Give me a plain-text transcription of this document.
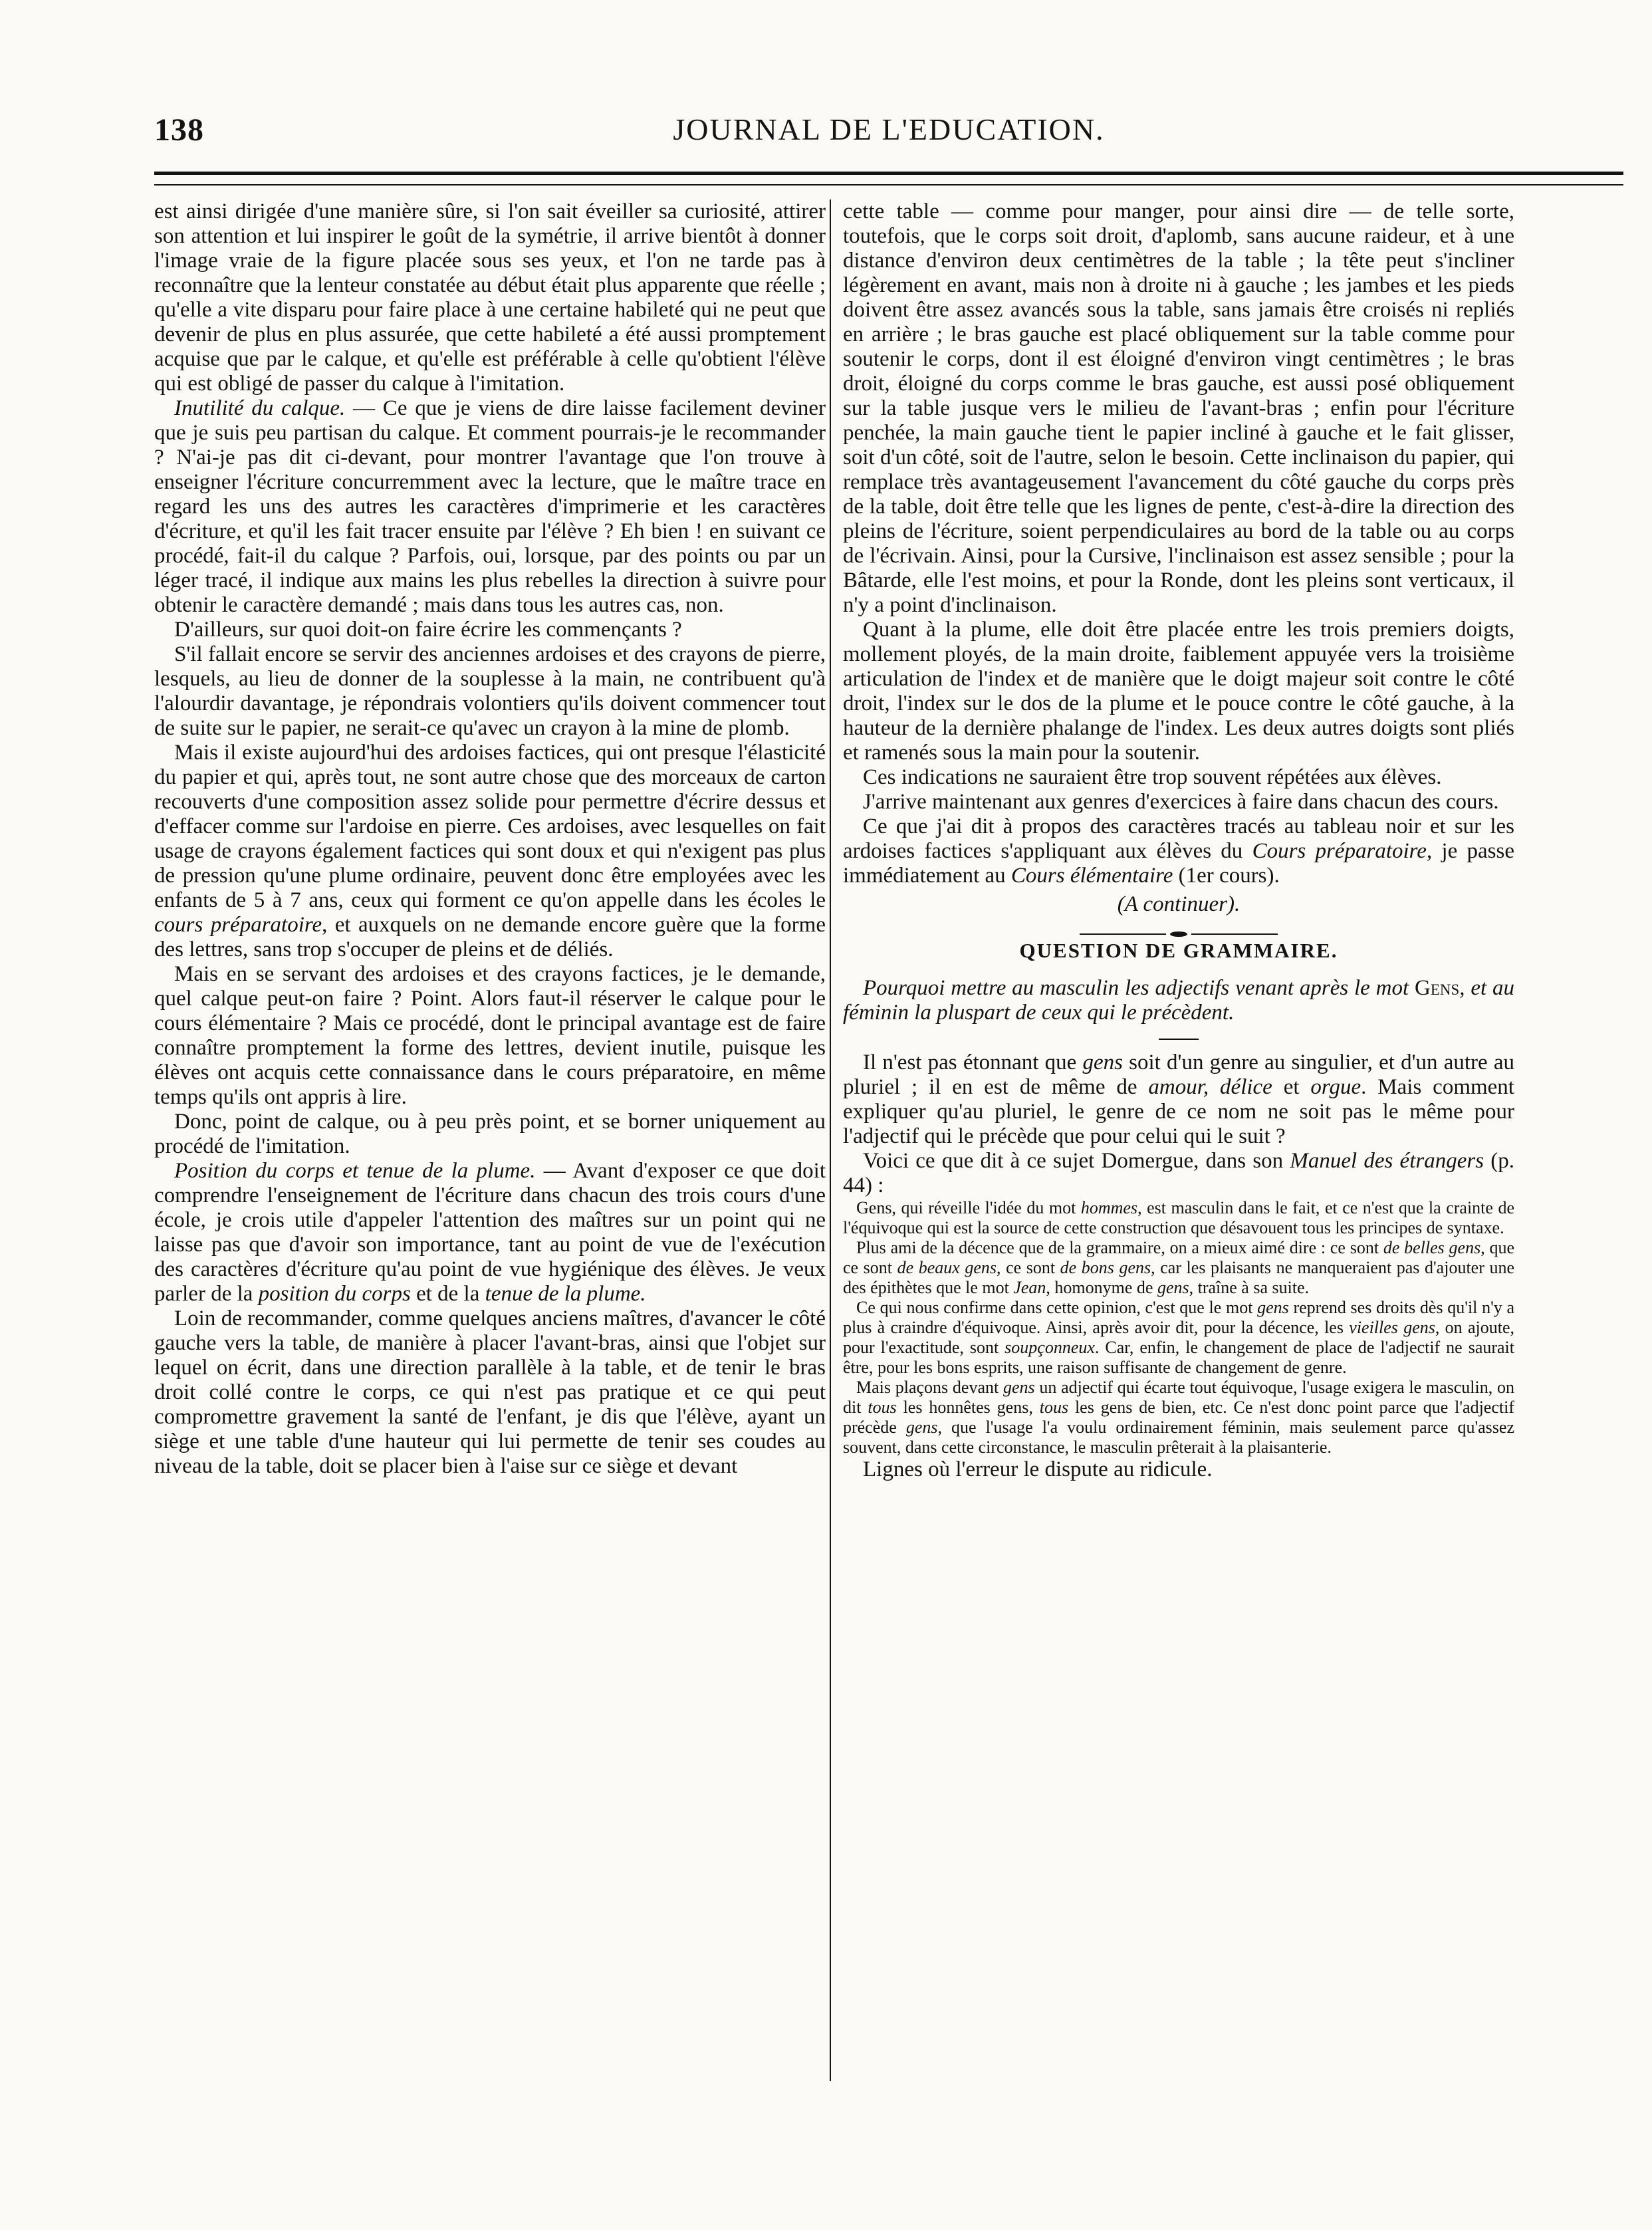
138	JOURNAL DE L'EDUCATION.

est ainsi dirigée d'une manière sûre, si l'on sait éveiller sa curiosité, attirer son attention et lui inspirer le goût de la symétrie, il arrive bientôt à donner l'image vraie de la figure placée sous ses yeux, et l'on ne tarde pas à reconnaître que la lenteur constatée au début était plus apparente que réelle ; qu'elle a vite disparu pour faire place à une certaine habileté qui ne peut que devenir de plus en plus assurée, que cette habileté a été aussi promptement acquise que par le calque, et qu'elle est préférable à celle qu'obtient l'élève qui est obligé de passer du calque à l'imitation.

Inutilité du calque. — Ce que je viens de dire laisse facilement deviner que je suis peu partisan du calque. Et comment pourrais-je le recommander ? N'ai-je pas dit ci-devant, pour montrer l'avantage que l'on trouve à enseigner l'écriture concurremment avec la lecture, que le maître trace en regard les uns des autres les caractères d'imprimerie et les caractères d'écriture, et qu'il les fait tracer ensuite par l'élève ? Eh bien ! en suivant ce procédé, fait-il du calque ? Parfois, oui, lorsque, par des points ou par un léger tracé, il indique aux mains les plus rebelles la direction à suivre pour obtenir le caractère demandé ; mais dans tous les autres cas, non.

D'ailleurs, sur quoi doit-on faire écrire les commençants ?

S'il fallait encore se servir des anciennes ardoises et des crayons de pierre, lesquels, au lieu de donner de la souplesse à la main, ne contribuent qu'à l'alourdir davantage, je répondrais volontiers qu'ils doivent commencer tout de suite sur le papier, ne serait-ce qu'avec un crayon à la mine de plomb.

Mais il existe aujourd'hui des ardoises factices, qui ont presque l'élasticité du papier et qui, après tout, ne sont autre chose que des morceaux de carton recouverts d'une composition assez solide pour permettre d'écrire dessus et d'effacer comme sur l'ardoise en pierre. Ces ardoises, avec lesquelles on fait usage de crayons également factices qui sont doux et qui n'exigent pas plus de pression qu'une plume ordinaire, peuvent donc être employées avec les enfants de 5 à 7 ans, ceux qui forment ce qu'on appelle dans les écoles le cours préparatoire, et auxquels on ne demande encore guère que la forme des lettres, sans trop s'occuper de pleins et de déliés.

Mais en se servant des ardoises et des crayons factices, je le demande, quel calque peut-on faire ? Point. Alors faut-il réserver le calque pour le cours élémentaire ? Mais ce procédé, dont le principal avantage est de faire connaître promptement la forme des lettres, devient inutile, puisque les élèves ont acquis cette connaissance dans le cours préparatoire, en même temps qu'ils ont appris à lire.

Donc, point de calque, ou à peu près point, et se borner uniquement au procédé de l'imitation.

Position du corps et tenue de la plume. — Avant d'exposer ce que doit comprendre l'enseignement de l'écriture dans chacun des trois cours d'une école, je crois utile d'appeler l'attention des maîtres sur un point qui ne laisse pas que d'avoir son importance, tant au point de vue de l'exécution des caractères d'écriture qu'au point de vue hygiénique des élèves. Je veux parler de la position du corps et de la tenue de la plume.

Loin de recommander, comme quelques anciens maîtres, d'avancer le côté gauche vers la table, de manière à placer l'avant-bras, ainsi que l'objet sur lequel on écrit, dans une direction parallèle à la table, et de tenir le bras droit collé contre le corps, ce qui n'est pas pratique et ce qui peut compromettre gravement la santé de l'enfant, je dis que l'élève, ayant un siège et une table d'une hauteur qui lui permette de tenir ses coudes au niveau de la table, doit se placer bien à l'aise sur ce siège et devant

cette table — comme pour manger, pour ainsi dire — de telle sorte, toutefois, que le corps soit droit, d'aplomb, sans aucune raideur, et à une distance d'environ deux centimètres de la table ; la tête peut s'incliner légèrement en avant, mais non à droite ni à gauche ; les jambes et les pieds doivent être assez avancés sous la table, sans jamais être croisés ni repliés en arrière ; le bras gauche est placé obliquement sur la table comme pour soutenir le corps, dont il est éloigné d'environ vingt centimètres ; le bras droit, éloigné du corps comme le bras gauche, est aussi posé obliquement sur la table jusque vers le milieu de l'avant-bras ; enfin pour l'écriture penchée, la main gauche tient le papier incliné à gauche et le fait glisser, soit d'un côté, soit de l'autre, selon le besoin. Cette inclinaison du papier, qui remplace très avantageusement l'avancement du côté gauche du corps près de la table, doit être telle que les lignes de pente, c'est-à-dire la direction des pleins de l'écriture, soient perpendiculaires au bord de la table ou au corps de l'écrivain. Ainsi, pour la Cursive, l'inclinaison est assez sensible ; pour la Bâtarde, elle l'est moins, et pour la Ronde, dont les pleins sont verticaux, il n'y a point d'inclinaison.

Quant à la plume, elle doit être placée entre les trois premiers doigts, mollement ployés, de la main droite, faiblement appuyée vers la troisième articulation de l'index et de manière que le doigt majeur soit contre le côté droit, l'index sur le dos de la plume et le pouce contre le côté gauche, à la hauteur de la dernière phalange de l'index. Les deux autres doigts sont pliés et ramenés sous la main pour la soutenir.

Ces indications ne sauraient être trop souvent répétées aux élèves.

J'arrive maintenant aux genres d'exercices à faire dans chacun des cours.

Ce que j'ai dit à propos des caractères tracés au tableau noir et sur les ardoises factices s'appliquant aux élèves du Cours préparatoire, je passe immédiatement au Cours élémentaire (1er cours).

(A continuer).

QUESTION DE GRAMMAIRE.

Pourquoi mettre au masculin les adjectifs venant après le mot Gens, et au féminin la pluspart de ceux qui le précèdent.

Il n'est pas étonnant que gens soit d'un genre au singulier, et d'un autre au pluriel ; il en est de même de amour, délice et orgue. Mais comment expliquer qu'au pluriel, le genre de ce nom ne soit pas le même pour l'adjectif qui le précède que pour celui qui le suit ?

Voici ce que dit à ce sujet Domergue, dans son Manuel des étrangers (p. 44) :

Gens, qui réveille l'idée du mot hommes, est masculin dans le fait, et ce n'est que la crainte de l'équivoque qui est la source de cette construction que désavouent tous les principes de syntaxe.

Plus ami de la décence que de la grammaire, on a mieux aimé dire : ce sont de belles gens, que ce sont de beaux gens, ce sont de bons gens, car les plaisants ne manqueraient pas d'ajouter une des épithètes que le mot Jean, homonyme de gens, traîne à sa suite.

Ce qui nous confirme dans cette opinion, c'est que le mot gens reprend ses droits dès qu'il n'y a plus à craindre d'équivoque. Ainsi, après avoir dit, pour la décence, les vieilles gens, on ajoute, pour l'exactitude, sont soupçonneux. Car, enfin, le changement de place de l'adjectif ne saurait être, pour les bons esprits, une raison suffisante de changement de genre.

Mais plaçons devant gens un adjectif qui écarte tout équivoque, l'usage exigera le masculin, on dit tous les honnêtes gens, tous les gens de bien, etc. Ce n'est donc point parce que l'adjectif précède gens, que l'usage l'a voulu ordinairement féminin, mais seulement parce qu'assez souvent, dans cette circonstance, le masculin prêterait à la plaisanterie.

Lignes où l'erreur le dispute au ridicule.
